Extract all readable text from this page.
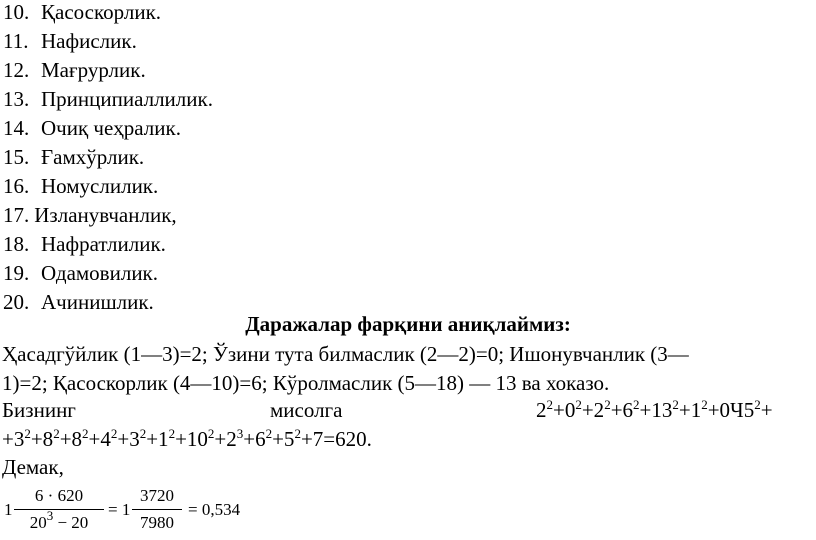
10. Қасоскорлик.
11. Нафислик.
12. Мағрурлик.
13. Принципиаллилик.
14. Очиқ чеҳралик.
15. Ғамхўрлик.
16. Номуслилик.
17. Изланувчанлик,
18. Нафратлилик.
19. Одамовилик.
20. Ачинишлик.
Даражалар фарқини аниқлаймиз:
Ҳасадгўйлик (1—3)=2; Ўзини тута билмаслик (2—2)=0; Ишонувчанлик (3—
1)=2; Қасоскорлик (4—10)=6; Кўролмаслик (5—18) — 13 ва хоказо.
Бизнинг	мисолга	$2^2+0^2+2^2+6^2+13^2+1^2+0Ч5^2+$
$+3^2+8^2+8^2+4^2+3^2+1^2+10^2+2^3+6^2+5^2+7=620$.
Демак,
1
6 · 620
$20^3 - 20$
= 1
3720
7980
= 0,534
